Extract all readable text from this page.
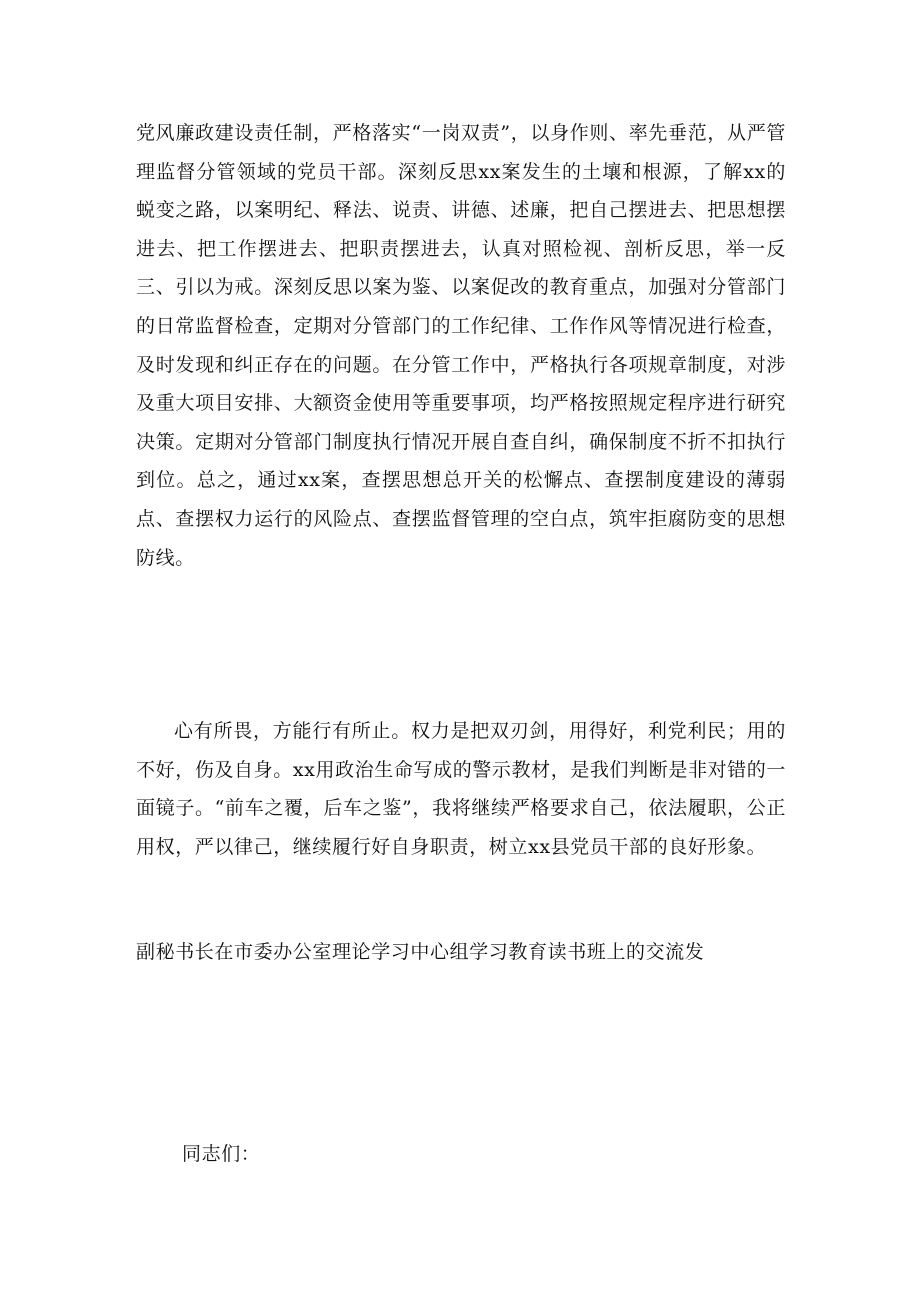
党风廉政建设责任制，严格落实“一岗双责”，以身作则、率先垂范，从严管理监督分管领域的党员干部。深刻反思xx案发生的土壤和根源，了解xx的蜕变之路，以案明纪、释法、说责、讲德、述廉，把自己摆进去、把思想摆进去、把工作摆进去、把职责摆进去，认真对照检视、剖析反思，举一反三、引以为戒。深刻反思以案为鉴、以案促改的教育重点，加强对分管部门的日常监督检查，定期对分管部门的工作纪律、工作作风等情况进行检查，及时发现和纠正存在的问题。在分管工作中，严格执行各项规章制度，对涉及重大项目安排、大额资金使用等重要事项，均严格按照规定程序进行研究决策。定期对分管部门制度执行情况开展自查自纠，确保制度不折不扣执行到位。总之，通过xx案，查摆思想总开关的松懈点、查摆制度建设的薄弱点、查摆权力运行的风险点、查摆监督管理的空白点，筑牢拒腐防变的思想防线。

心有所畏，方能行有所止。权力是把双刃剑，用得好，利党利民；用的不好，伤及自身。xx用政治生命写成的警示教材，是我们判断是非对错的一面镜子。“前车之覆，后车之鉴”，我将继续严格要求自己，依法履职，公正用权，严以律己，继续履行好自身职责，树立xx县党员干部的良好形象。

副秘书长在市委办公室理论学习中心组学习教育读书班上的交流发

同志们：
